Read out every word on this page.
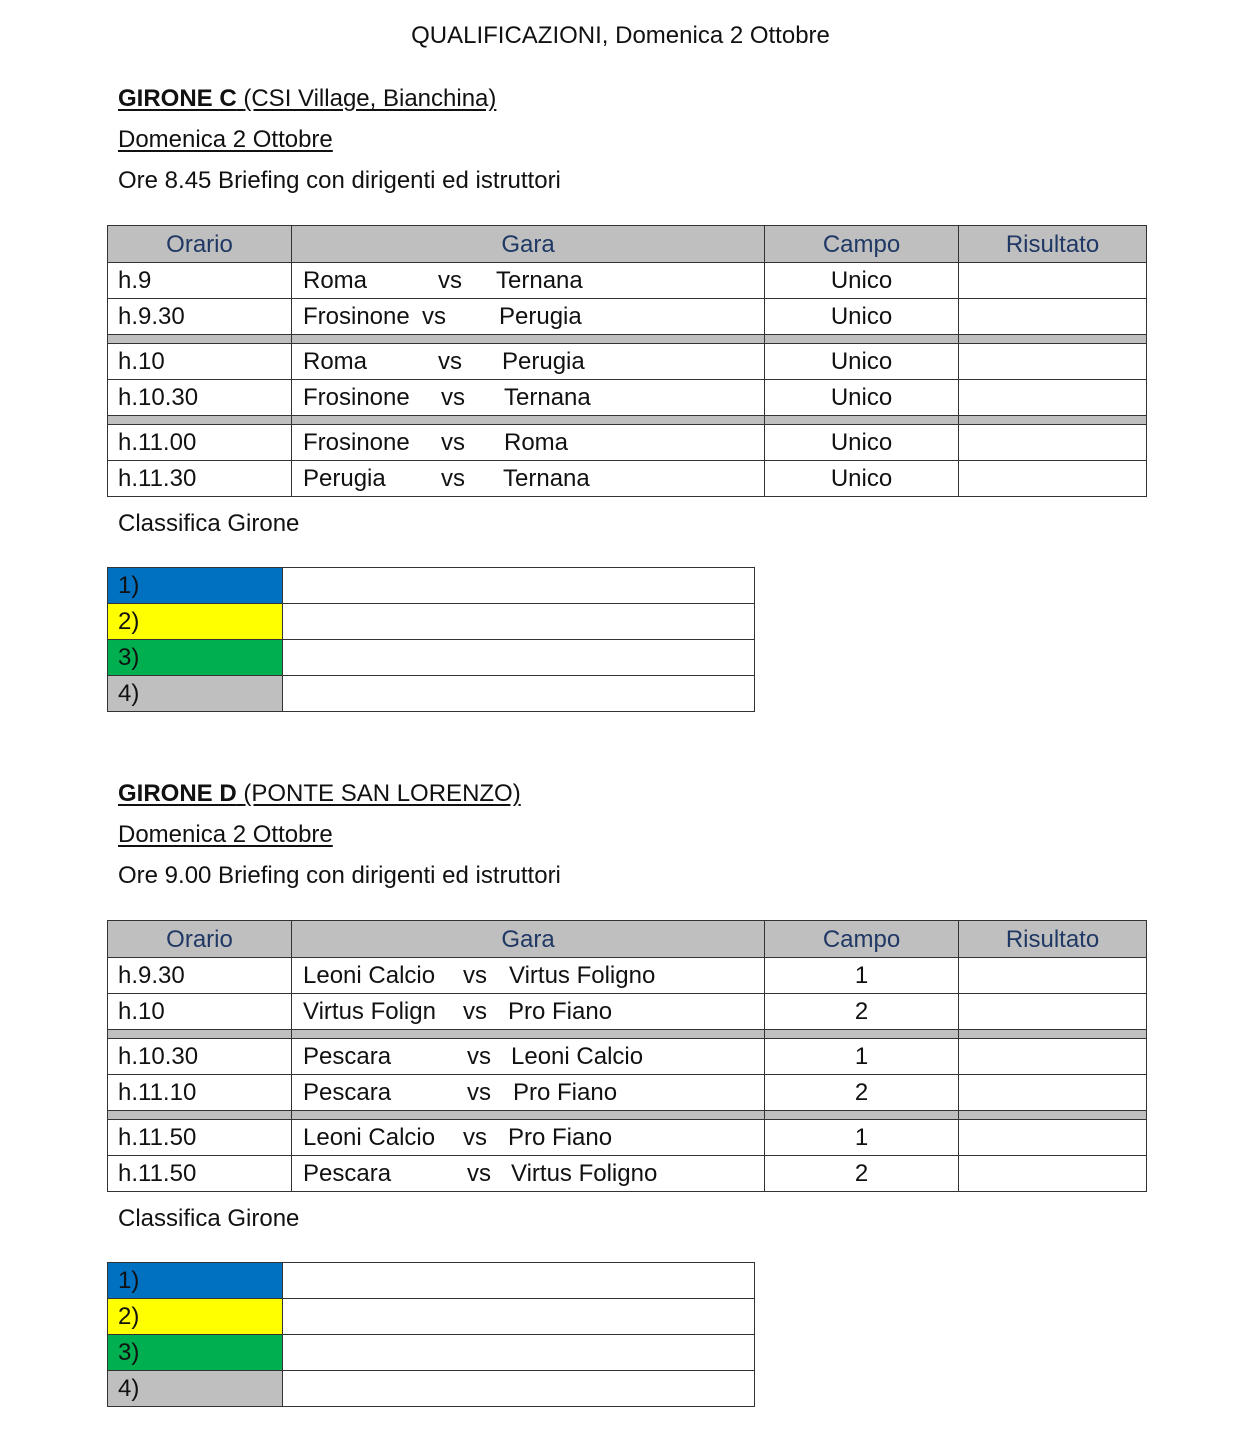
QUALIFICAZIONI, Domenica 2 Ottobre
GIRONE C (CSI Village, Bianchina)
Domenica 2 Ottobre
Ore 8.45 Briefing con dirigenti ed istruttori
Orario	Gara	Campo	Risultato
h.9	Roma vs Ternana	Unico	
h.9.30	Frosinone vs Perugia	Unico	

h.10	Roma vs Perugia	Unico	
h.10.30	Frosinone vs Ternana	Unico	

h.11.00	Frosinone vs Roma	Unico	
h.11.30	Perugia vs Ternana	Unico	
Classifica Girone
1)	
2)	
3)	
4)	
GIRONE D (PONTE SAN LORENZO)
Domenica 2 Ottobre
Ore 9.00 Briefing con dirigenti ed istruttori
Orario	Gara	Campo	Risultato
h.9.30	Leoni Calcio vs Virtus Foligno	1	
h.10	Virtus Folign vs Pro Fiano	2	

h.10.30	Pescara vs Leoni Calcio	1	
h.11.10	Pescara vs Pro Fiano	2	

h.11.50	Leoni Calcio vs Pro Fiano	1	
h.11.50	Pescara vs Virtus Foligno	2	
Classifica Girone
1)	
2)	
3)	
4)	
